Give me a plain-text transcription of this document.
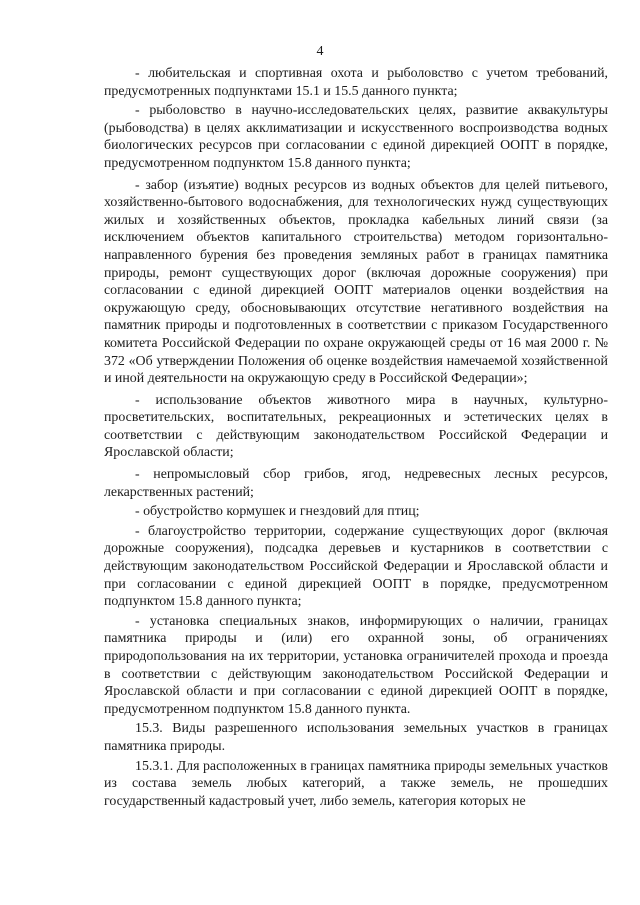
4

- любительская и спортивная охота и рыболовство с учетом требований, предусмотренных подпунктами 15.1 и 15.5 данного пункта;

- рыболовство в научно-исследовательских целях, развитие аквакультуры (рыбоводства) в целях акклиматизации и искусственного воспроизводства водных биологических ресурсов при согласовании с единой дирекцией ООПТ в порядке, предусмотренном подпунктом 15.8 данного пункта;

- забор (изъятие) водных ресурсов из водных объектов для целей питьевого, хозяйственно-бытового водоснабжения, для технологических нужд существующих жилых и хозяйственных объектов, прокладка кабельных линий связи (за исключением объектов капитального строительства) методом горизонтально-направленного бурения без проведения земляных работ в границах памятника природы, ремонт существующих дорог (включая дорожные сооружения) при согласовании с единой дирекцией ООПТ материалов оценки воздействия на окружающую среду, обосновывающих отсутствие негативного воздействия на памятник природы и подготовленных в соответствии с приказом Государственного комитета Российской Федерации по охране окружающей среды от 16 мая 2000 г. № 372 «Об утверждении Положения об оценке воздействия намечаемой хозяйственной и иной деятельности на окружающую среду в Российской Федерации»;

- использование объектов животного мира в научных, культурно-просветительских, воспитательных, рекреационных и эстетических целях в соответствии с действующим законодательством Российской Федерации и Ярославской области;

- непромысловый сбор грибов, ягод, недревесных лесных ресурсов, лекарственных растений;

- обустройство кормушек и гнездовий для птиц;

- благоустройство территории, содержание существующих дорог (включая дорожные сооружения), подсадка деревьев и кустарников в соответствии с действующим законодательством Российской Федерации и Ярославской области и при согласовании с единой дирекцией ООПТ в порядке, предусмотренном подпунктом 15.8 данного пункта;

- установка специальных знаков, информирующих о наличии, границах памятника природы и (или) его охранной зоны, об ограничениях природопользования на их территории, установка ограничителей прохода и проезда в соответствии с действующим законодательством Российской Федерации и Ярославской области и при согласовании с единой дирекцией ООПТ в порядке, предусмотренном подпунктом 15.8 данного пункта.

15.3. Виды разрешенного использования земельных участков в границах памятника природы.

15.3.1. Для расположенных в границах памятника природы земельных участков из состава земель любых категорий, а также земель, не прошедших государственный кадастровый учет, либо земель, категория которых не
